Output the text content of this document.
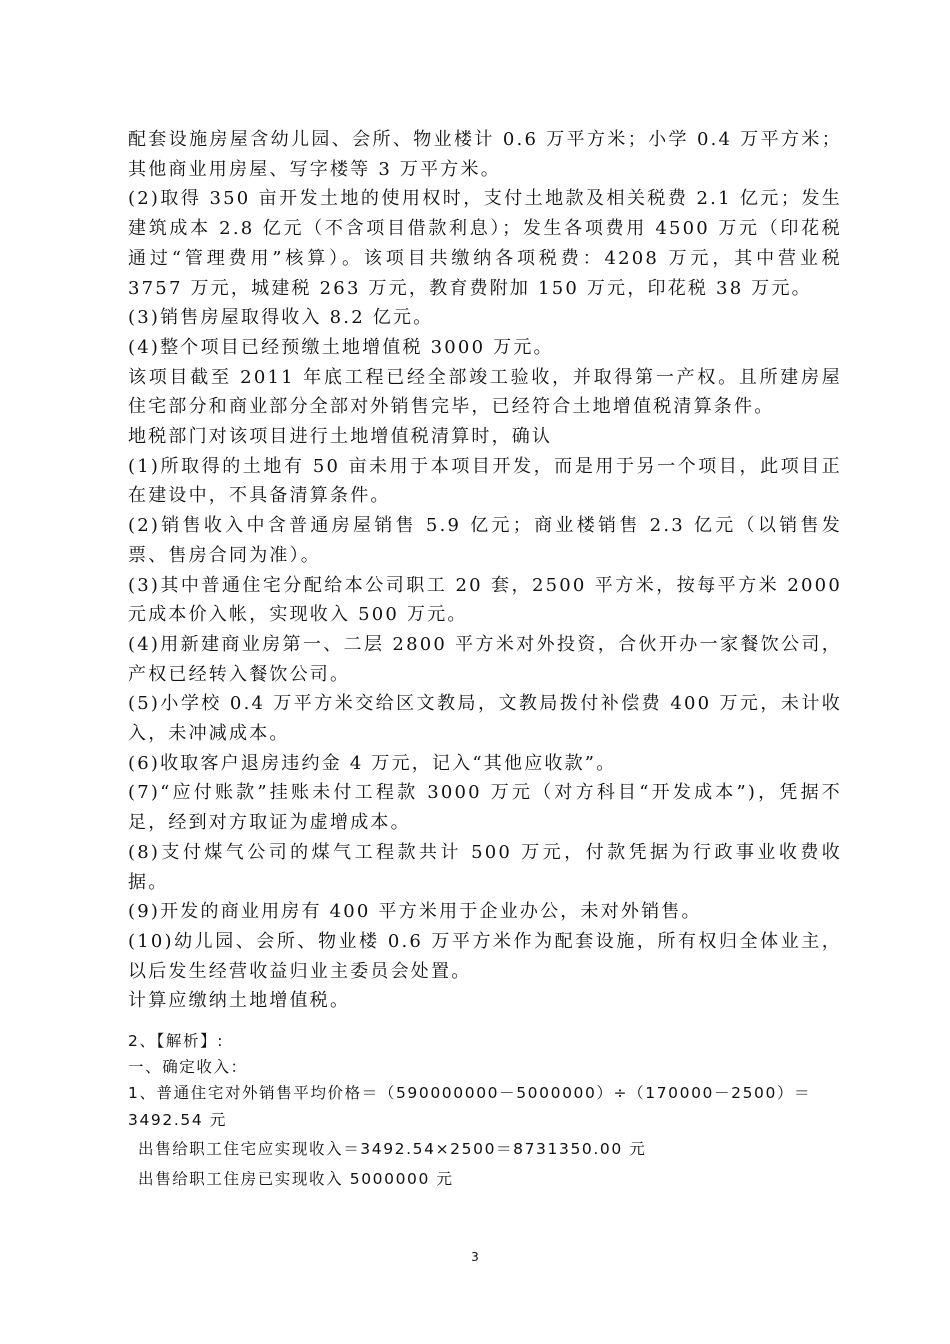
配套设施房屋含幼儿园、会所、物业楼计 0.6 万平方米；小学 0.4 万平方米；其他商业用房屋、写字楼等 3 万平方米。

(2)取得 350 亩开发土地的使用权时，支付土地款及相关税费 2.1 亿元；发生建筑成本 2.8 亿元（不含项目借款利息）；发生各项费用 4500 万元（印花税通过“管理费用”核算）。该项目共缴纳各项税费：4208 万元，其中营业税 3757 万元，城建税 263 万元，教育费附加 150 万元，印花税 38 万元。

(3)销售房屋取得收入 8.2 亿元。

(4)整个项目已经预缴土地增值税 3000 万元。

该项目截至 2011 年底工程已经全部竣工验收，并取得第一产权。且所建房屋住宅部分和商业部分全部对外销售完毕，已经符合土地增值税清算条件。

地税部门对该项目进行土地增值税清算时，确认

(1)所取得的土地有 50 亩未用于本项目开发，而是用于另一个项目，此项目正在建设中，不具备清算条件。

(2)销售收入中含普通房屋销售 5.9 亿元；商业楼销售 2.3 亿元（以销售发票、售房合同为准）。

(3)其中普通住宅分配给本公司职工 20 套，2500 平方米，按每平方米 2000 元成本价入帐，实现收入 500 万元。

(4)用新建商业房第一、二层 2800 平方米对外投资，合伙开办一家餐饮公司，产权已经转入餐饮公司。

(5)小学校 0.4 万平方米交给区文教局，文教局拨付补偿费 400 万元，未计收入，未冲减成本。

(6)收取客户退房违约金 4 万元，记入“其他应收款”。

(7)“应付账款”挂账未付工程款 3000 万元（对方科目“开发成本”)，凭据不足，经到对方取证为虚增成本。

(8)支付煤气公司的煤气工程款共计 500 万元，付款凭据为行政事业收费收据。

(9)开发的商业用房有 400 平方米用于企业办公，未对外销售。

(10)幼儿园、会所、物业楼 0.6 万平方米作为配套设施，所有权归全体业主，以后发生经营收益归业主委员会处置。

计算应缴纳土地增值税。

2、【解析】:

一、确定收入：

1、普通住宅对外销售平均价格＝（590000000－5000000）÷（170000－2500）＝3492.54 元

出售给职工住宅应实现收入＝3492.54×2500＝8731350.00 元

出售给职工住房已实现收入 5000000 元

3
